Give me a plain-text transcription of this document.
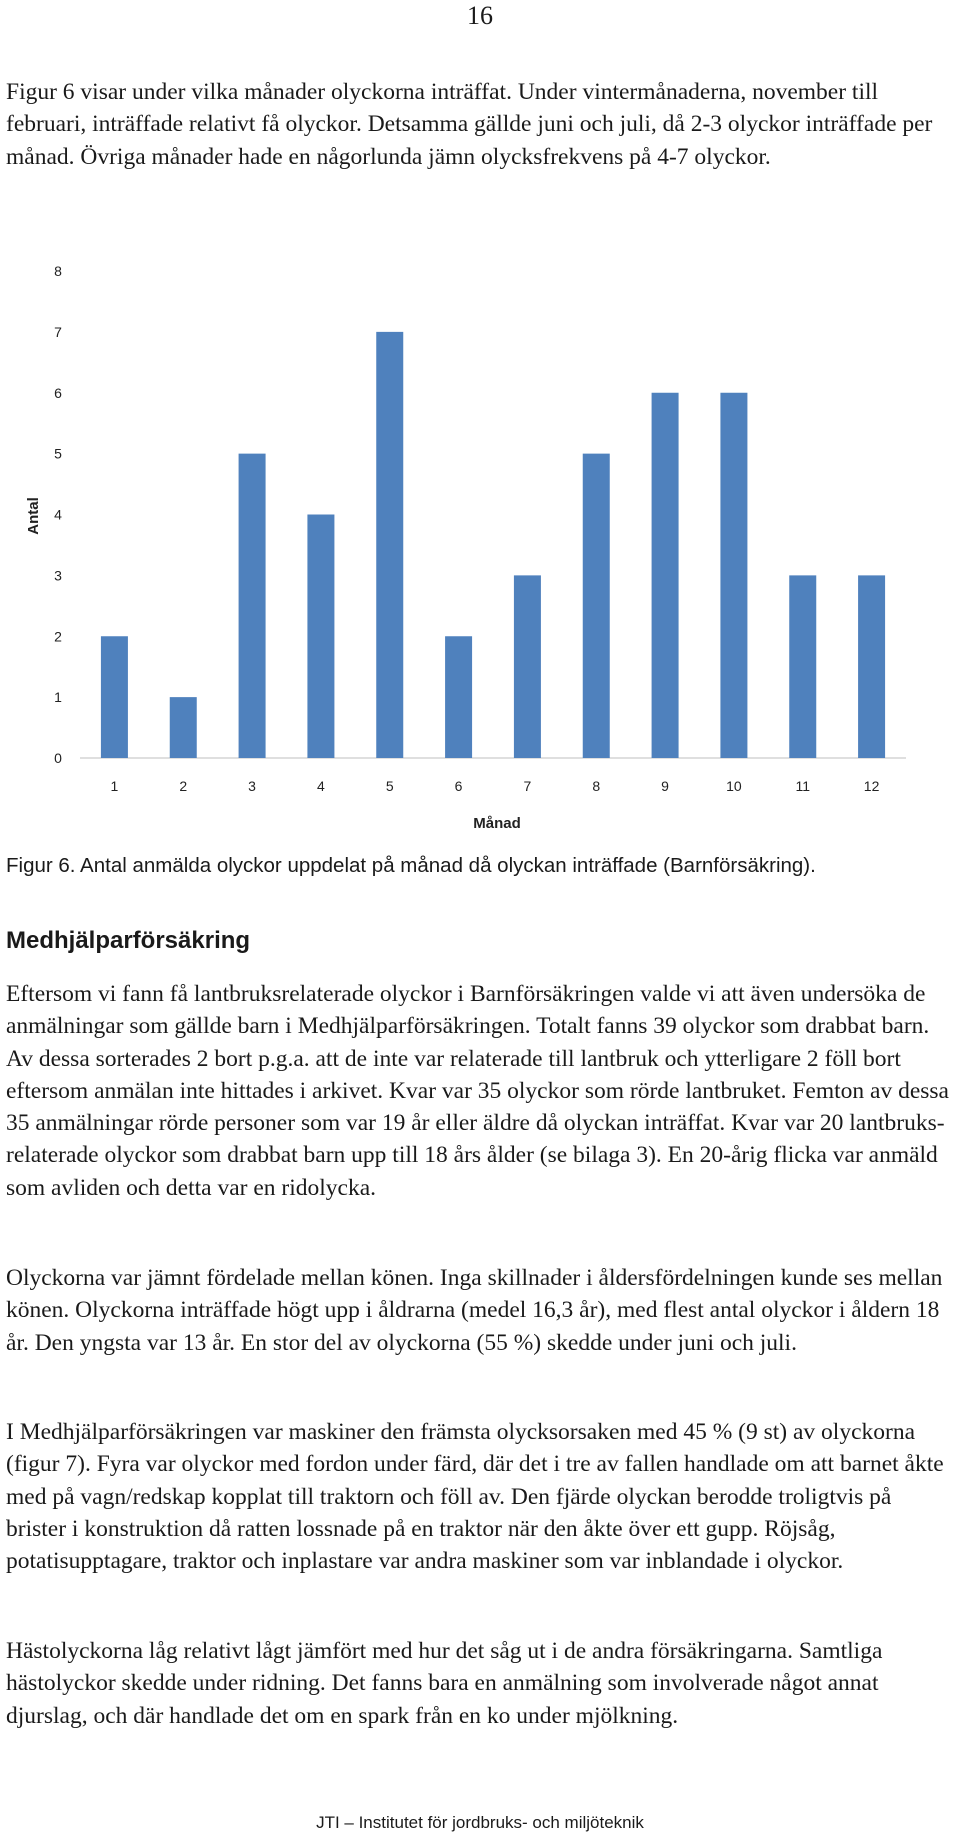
16

Figur 6 visar under vilka månader olyckorna inträffat. Under vintermånaderna, november till februari, inträffade relativt få olyckor. Detsamma gällde juni och juli, då 2-3 olyckor inträffade per månad. Övriga månader hade en någorlunda jämn olycksfrekvens på 4-7 olyckor.

0
1
2
3
4
5
6
7
8
1	2	3	4	5	6	7	8	9	10	11	12
Antal
Månad

Figur 6. Antal anmälda olyckor uppdelat på månad då olyckan inträffade (Barnförsäkring).

Medhjälparförsäkring

Eftersom vi fann få lantbruksrelaterade olyckor i Barnförsäkringen valde vi att även undersöka de anmälningar som gällde barn i Medhjälparförsäkringen. Totalt fanns 39 olyckor som drabbat barn. Av dessa sorterades 2 bort p.g.a. att de inte var relaterade till lantbruk och ytterligare 2 föll bort eftersom anmälan inte hittades i arkivet. Kvar var 35 olyckor som rörde lantbruket. Femton av dessa 35 anmälningar rörde personer som var 19 år eller äldre då olyckan inträffat. Kvar var 20 lantbruks-relaterade olyckor som drabbat barn upp till 18 års ålder (se bilaga 3). En 20-årig flicka var anmäld som avliden och detta var en ridolycka.

Olyckorna var jämnt fördelade mellan könen. Inga skillnader i åldersfördelningen kunde ses mellan könen. Olyckorna inträffade högt upp i åldrarna (medel 16,3 år), med flest antal olyckor i åldern 18 år. Den yngsta var 13 år. En stor del av olyckorna (55 %) skedde under juni och juli.

I Medhjälparförsäkringen var maskiner den främsta olycksorsaken med 45 % (9 st) av olyckorna (figur 7). Fyra var olyckor med fordon under färd, där det i tre av fallen handlade om att barnet åkte med på vagn/redskap kopplat till traktorn och föll av. Den fjärde olyckan berodde troligtvis på brister i konstruktion då ratten lossnade på en traktor när den åkte över ett gupp. Röjsåg, potatisupptagare, traktor och inplastare var andra maskiner som var inblandade i olyckor.

Hästolyckorna låg relativt lågt jämfört med hur det såg ut i de andra försäkringarna. Samtliga hästolyckor skedde under ridning. Det fanns bara en anmälning som involverade något annat djurslag, och där handlade det om en spark från en ko under mjölkning.

JTI – Institutet för jordbruks- och miljöteknik
